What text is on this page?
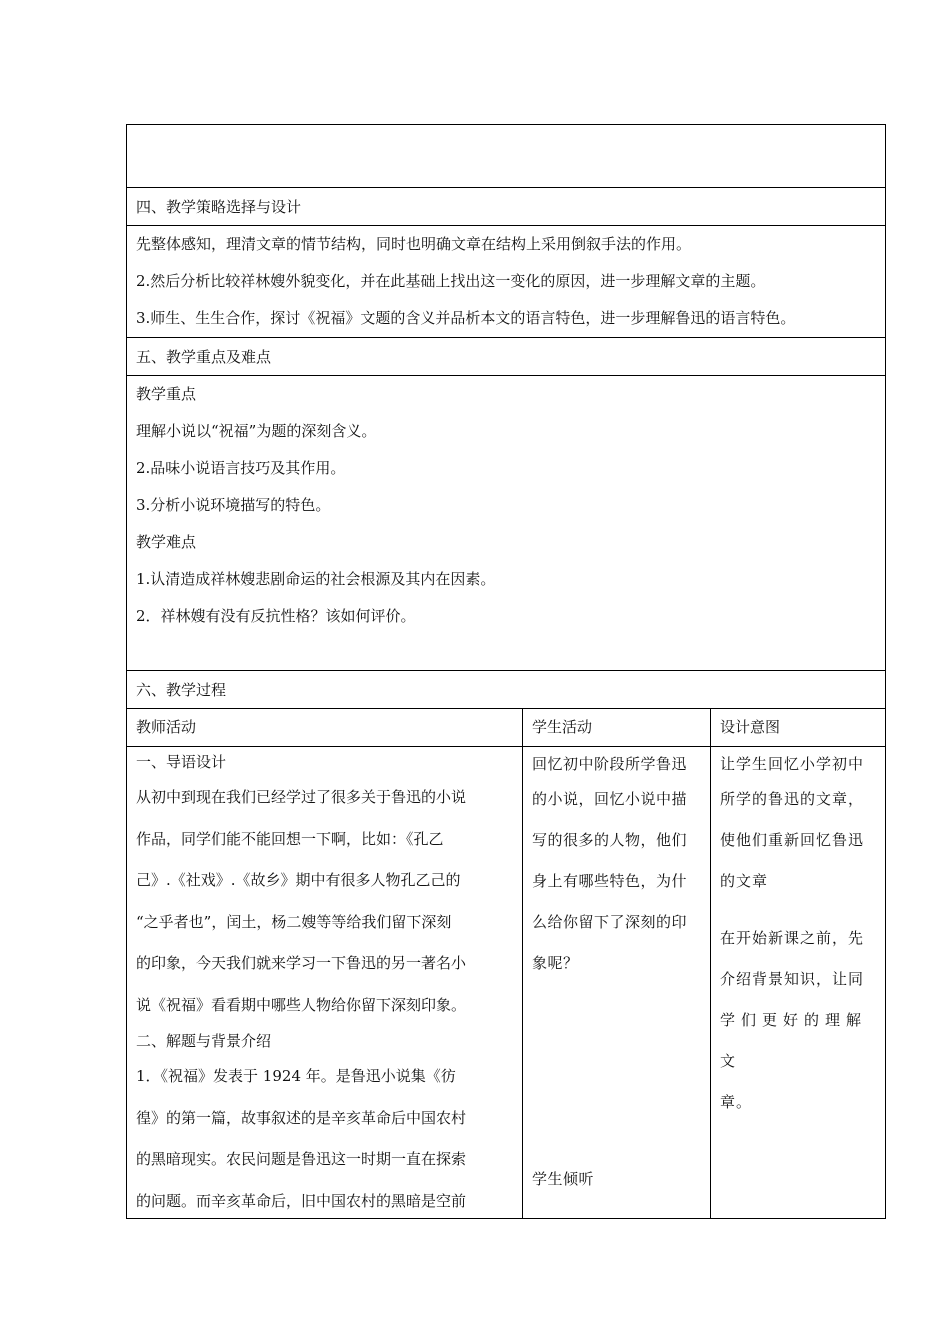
四、教学策略选择与设计
先整体感知，理清文章的情节结构，同时也明确文章在结构上采用倒叙手法的作用。
2.然后分析比较祥林嫂外貌变化，并在此基础上找出这一变化的原因，进一步理解文章的主题。
3.师生、生生合作，探讨《祝福》文题的含义并品析本文的语言特色，进一步理解鲁迅的语言特色。
五、教学重点及难点
教学重点
理解小说以“祝福”为题的深刻含义。
2.品味小说语言技巧及其作用。
3.分析小说环境描写的特色。
教学难点
1.认清造成祥林嫂悲剧命运的社会根源及其内在因素。
2．祥林嫂有没有反抗性格？该如何评价。
六、教学过程
教师活动	学生活动	设计意图
一、导语设计
从初中到现在我们已经学过了很多关于鲁迅的小说
作品，同学们能不能回想一下啊，比如：《孔乙
己》.《社戏》.《故乡》期中有很多人物孔乙己的
“之乎者也”，闰土，杨二嫂等等给我们留下深刻
的印象，今天我们就来学习一下鲁迅的另一著名小
说《祝福》看看期中哪些人物给你留下深刻印象。
二、解题与背景介绍
1．《祝福》发表于 1924 年。是鲁迅小说集《彷
徨》的第一篇，故事叙述的是辛亥革命后中国农村
的黑暗现实。农民问题是鲁迅这一时期一直在探索
的问题。而辛亥革命后，旧中国农村的黑暗是空前
回忆初中阶段所学鲁迅
的小说，回忆小说中描
写的很多的人物，他们
身上有哪些特色，为什
么给你留下了深刻的印
象呢？
学生倾听
让学生回忆小学初中
所学的鲁迅的文章，
使他们重新回忆鲁迅
的文章
在开始新课之前，先
介绍背景知识，让同
学们更好的理解文
章。
